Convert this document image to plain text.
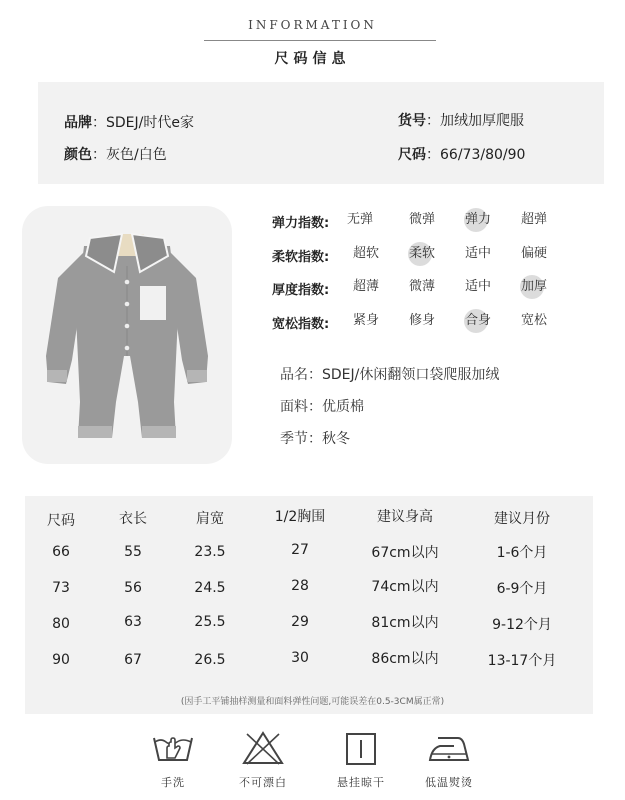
INFORMATION
尺码信息
品牌：SDEJ/时代e家	货号：加绒加厚爬服
颜色：灰色/白色	尺码：66/73/80/90
弹力指数:	无弹	微弹	弹力	超弹
柔软指数:	超软	柔软	适中	偏硬
厚度指数:	超薄	微薄	适中	加厚
宽松指数:	紧身	修身	合身	宽松
品名：SDEJ/休闲翻领口袋爬服加绒
面料：优质棉
季节：秋冬
尺码	衣长	肩宽	1/2胸围	建议身高	建议月份
66	55	23.5	27	67cm以内	1-6个月
73	56	24.5	28	74cm以内	6-9个月
80	63	25.5	29	81cm以内	9-12个月
90	67	26.5	30	86cm以内	13-17个月
(因手工平铺抽样测量和面料弹性问题,可能误差在0.5-3CM属正常)
手洗	不可漂白	悬挂晾干	低温熨烫
